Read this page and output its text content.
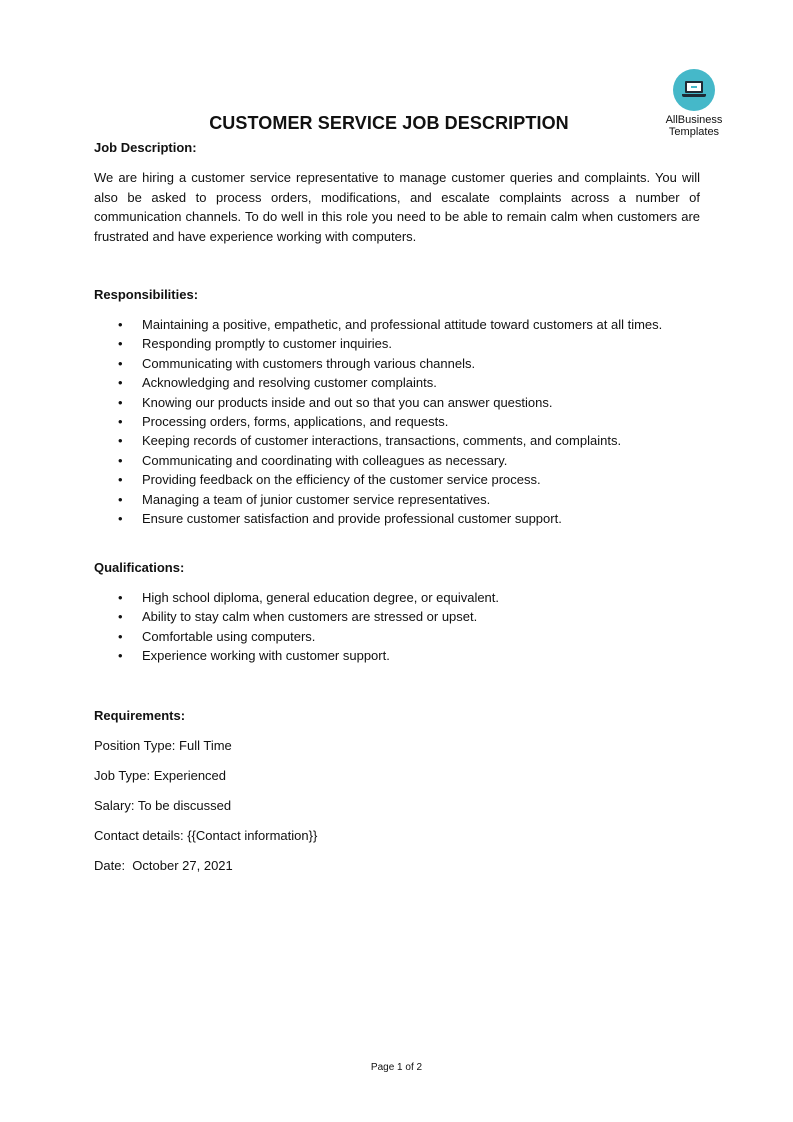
AllBusiness
Templates
CUSTOMER SERVICE JOB DESCRIPTION
Job Description:

We are hiring a customer service representative to manage customer queries and complaints. You will also be asked to process orders, modifications, and escalate complaints across a number of communication channels. To do well in this role you need to be able to remain calm when customers are frustrated and have experience working with computers.

Responsibilities:
• Maintaining a positive, empathetic, and professional attitude toward customers at all times.
• Responding promptly to customer inquiries.
• Communicating with customers through various channels.
• Acknowledging and resolving customer complaints.
• Knowing our products inside and out so that you can answer questions.
• Processing orders, forms, applications, and requests.
• Keeping records of customer interactions, transactions, comments, and complaints.
• Communicating and coordinating with colleagues as necessary.
• Providing feedback on the efficiency of the customer service process.
• Managing a team of junior customer service representatives.
• Ensure customer satisfaction and provide professional customer support.
Qualifications:
• High school diploma, general education degree, or equivalent.
• Ability to stay calm when customers are stressed or upset.
• Comfortable using computers.
• Experience working with customer support.
Requirements:
Position Type: Full Time
Job Type: Experienced
Salary: To be discussed
Contact details: {{Contact information}}
Date:  October 27, 2021
Page 1 of 2
